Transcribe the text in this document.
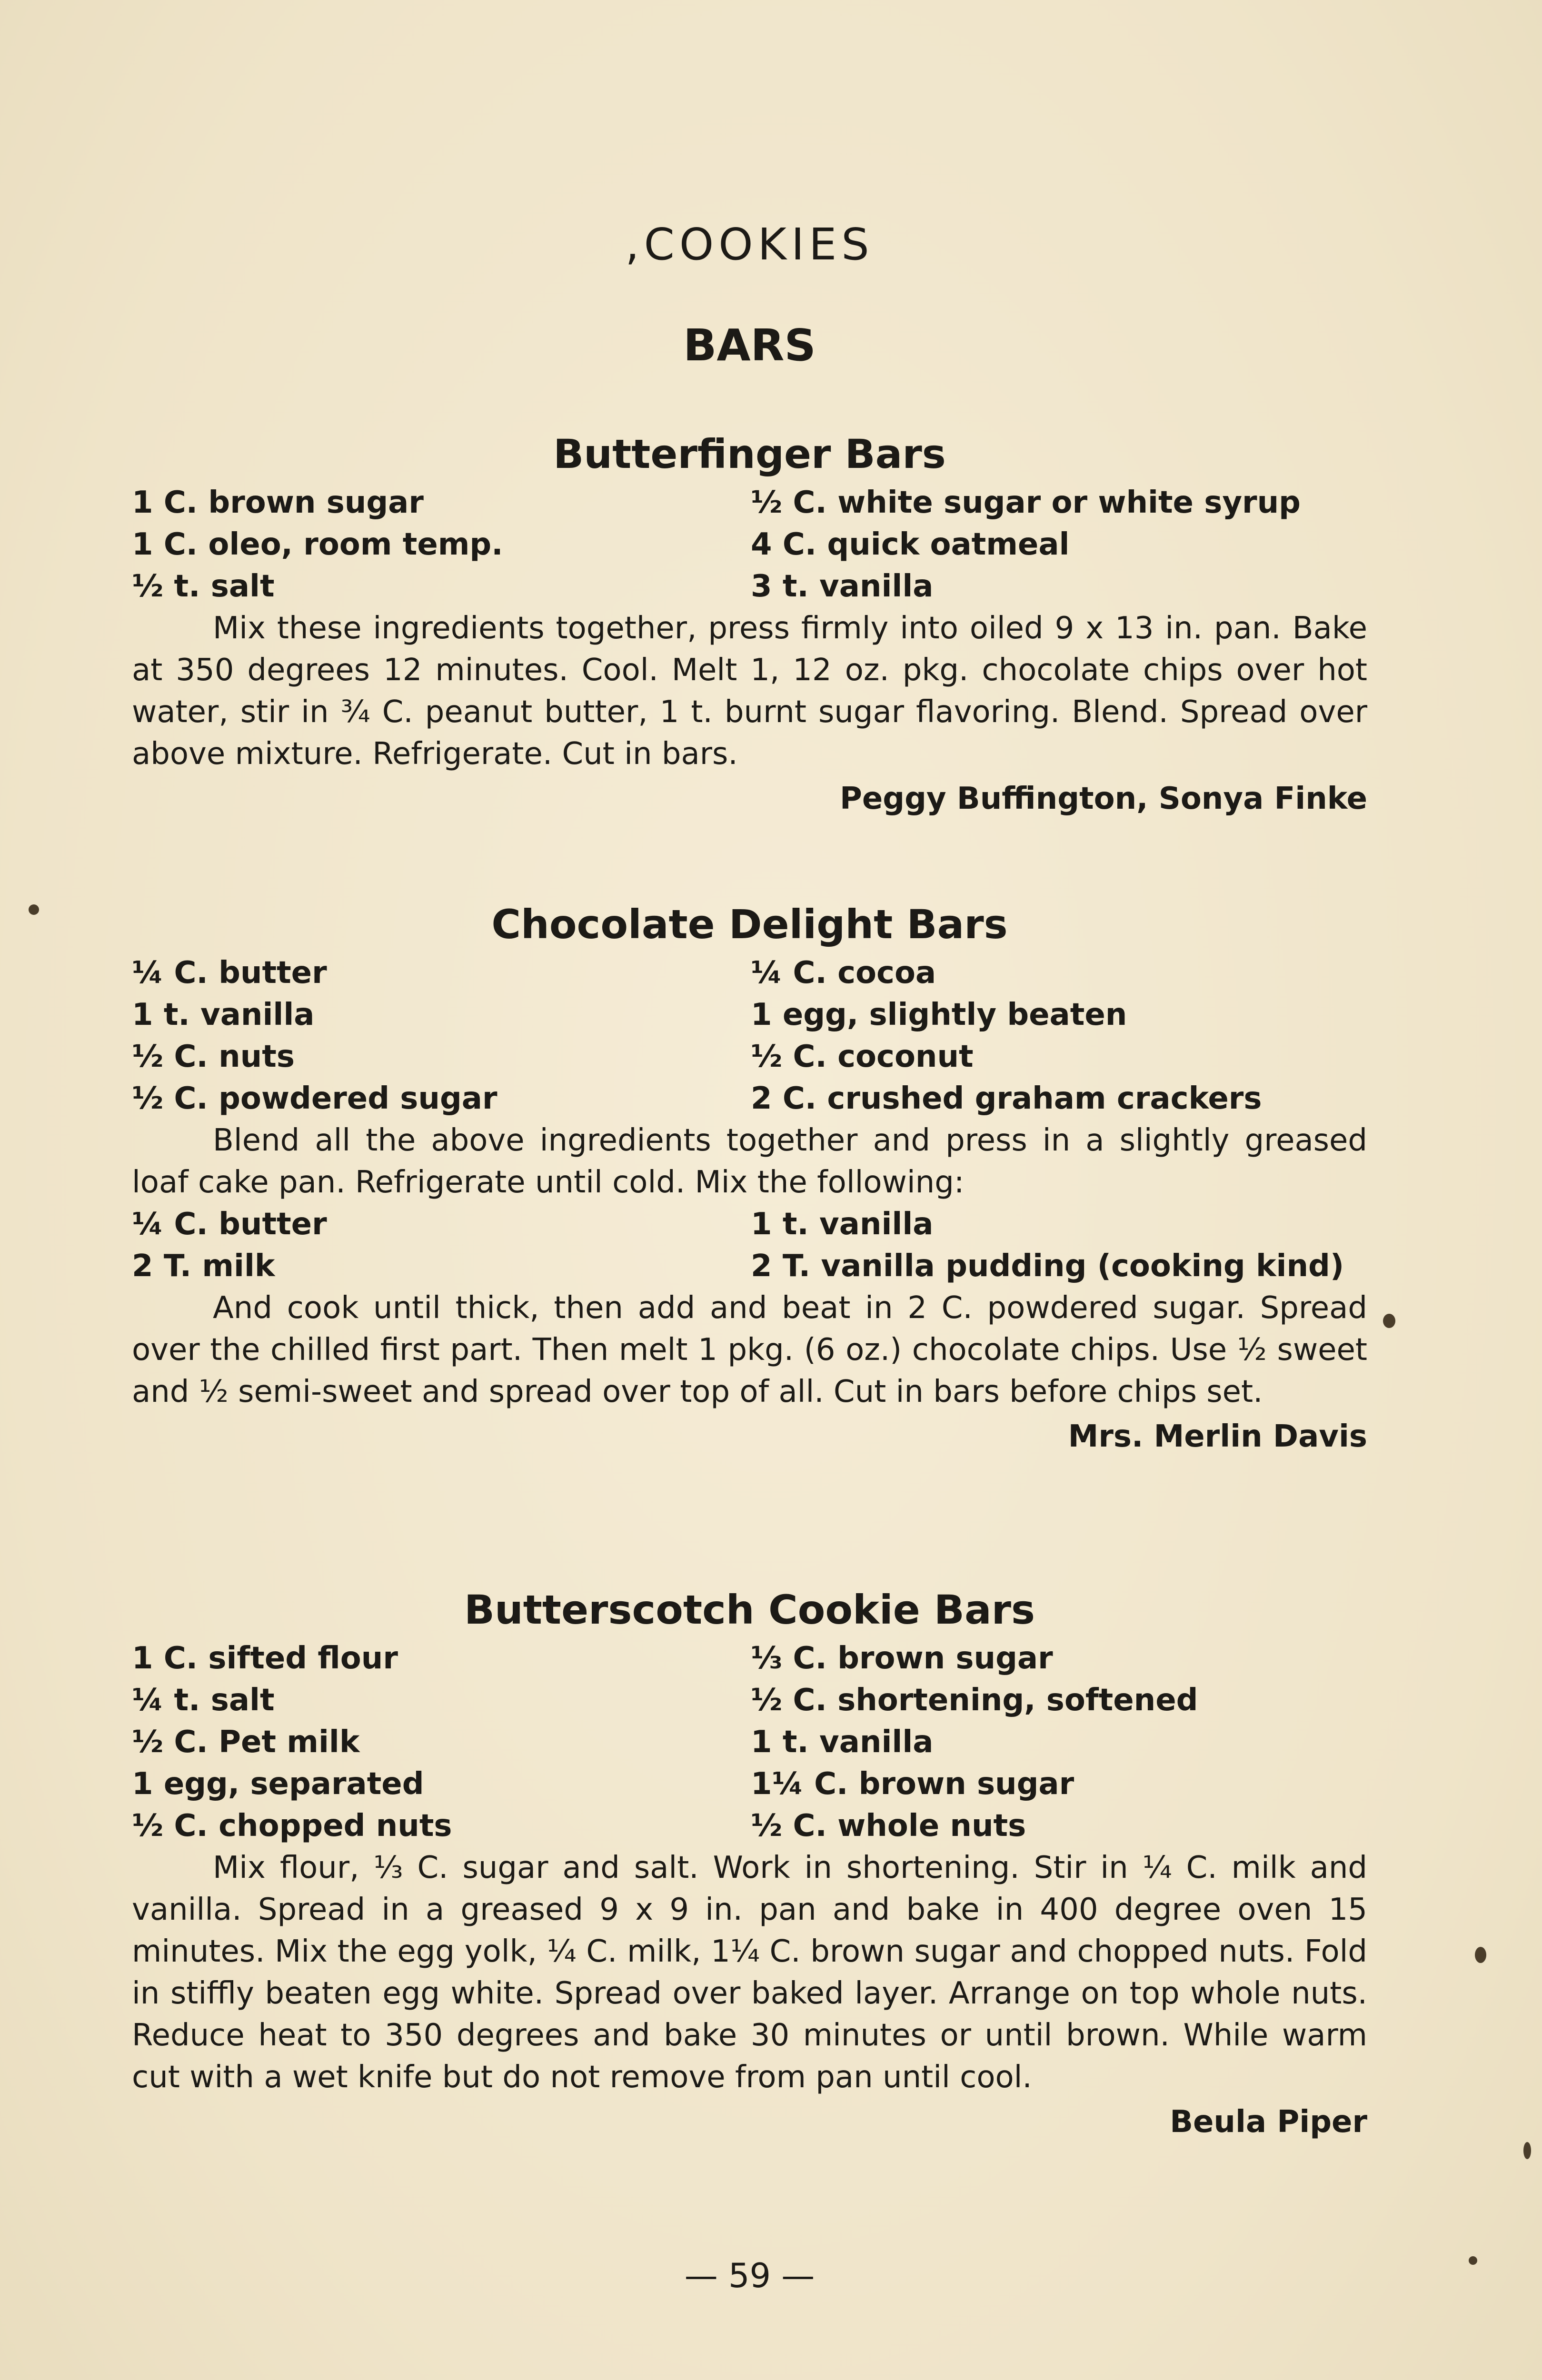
,COOKIES
BARS
Butterfinger Bars
1 C. brown sugar	½ C. white sugar or white syrup
1 C. oleo, room temp.	4 C. quick oatmeal
½ t. salt	3 t. vanilla

Mix these ingredients together, press firmly into oiled 9 x 13 in. pan. Bake at 350 degrees 12 minutes. Cool. Melt 1, 12 oz. pkg. chocolate chips over hot water, stir in ¾ C. peanut butter, 1 t. burnt sugar flavoring. Blend. Spread over above mixture. Refrigerate. Cut in bars.

Peggy Buffington, Sonya Finke
Chocolate Delight Bars
¼ C. butter	¼ C. cocoa
1 t. vanilla	1 egg, slightly beaten
½ C. nuts	½ C. coconut
½ C. powdered sugar	2 C. crushed graham crackers

Blend all the above ingredients together and press in a slightly greased loaf cake pan. Refrigerate until cold. Mix the following:

¼ C. butter	1 t. vanilla
2 T. milk	2 T. vanilla pudding (cooking kind)

And cook until thick, then add and beat in 2 C. powdered sugar. Spread over the chilled first part. Then melt 1 pkg. (6 oz.) chocolate chips. Use ½ sweet and ½ semi-sweet and spread over top of all. Cut in bars before chips set.

Mrs. Merlin Davis
Butterscotch Cookie Bars
1 C. sifted flour	⅓ C. brown sugar
¼ t. salt	½ C. shortening, softened
½ C. Pet milk	1 t. vanilla
1 egg, separated	1¼ C. brown sugar
½ C. chopped nuts	½ C. whole nuts

Mix flour, ⅓ C. sugar and salt. Work in shortening. Stir in ¼ C. milk and vanilla. Spread in a greased 9 x 9 in. pan and bake in 400 degree oven 15 minutes. Mix the egg yolk, ¼ C. milk, 1¼ C. brown sugar and chopped nuts. Fold in stiffly beaten egg white. Spread over baked layer. Arrange on top whole nuts. Reduce heat to 350 degrees and bake 30 minutes or until brown. While warm cut with a wet knife but do not remove from pan until cool.

Beula Piper
— 59 —
